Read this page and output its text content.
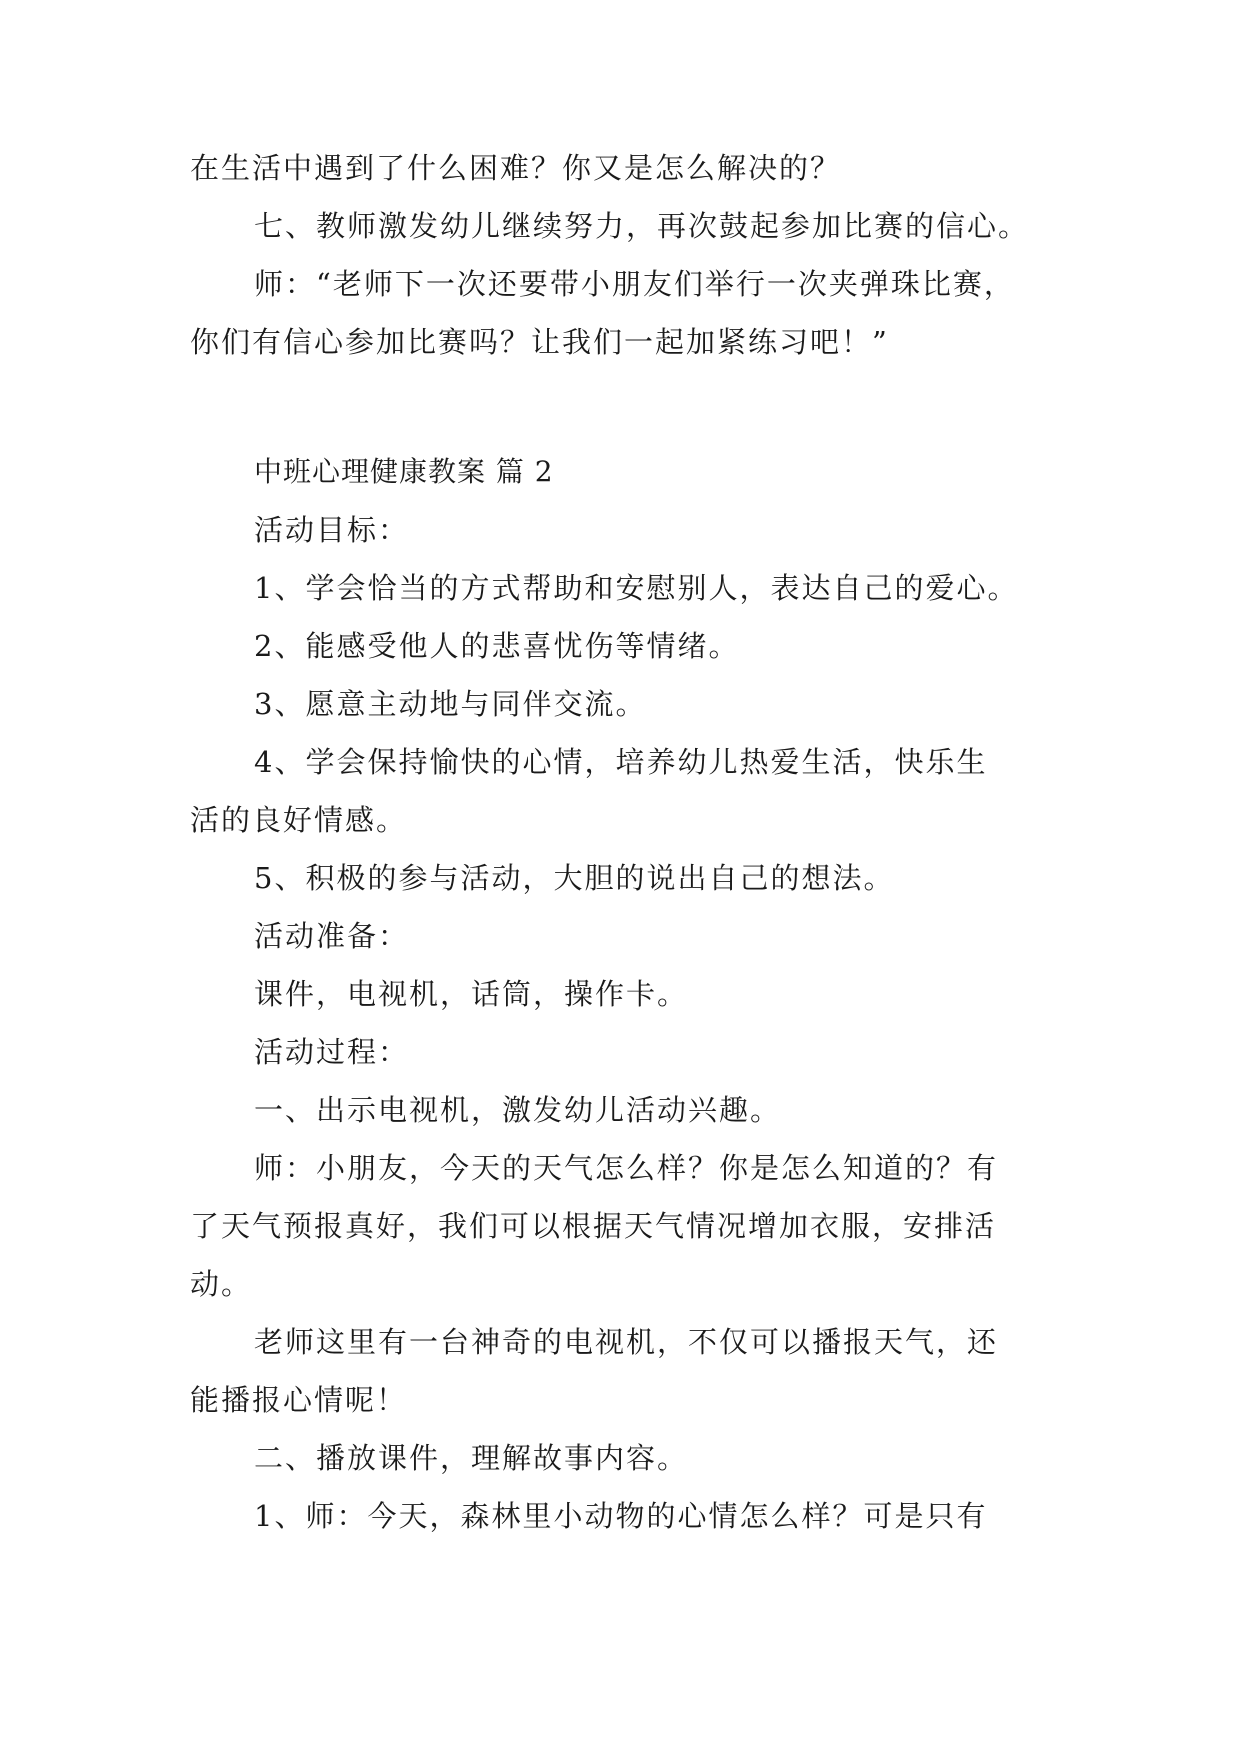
在生活中遇到了什么困难？你又是怎么解决的？
七、教师激发幼儿继续努力，再次鼓起参加比赛的信心。
师：“老师下一次还要带小朋友们举行一次夹弹珠比赛，
你们有信心参加比赛吗？让我们一起加紧练习吧！”
中班心理健康教案 篇 2
活动目标：
1、学会恰当的方式帮助和安慰别人，表达自己的爱心。
2、能感受他人的悲喜忧伤等情绪。
3、愿意主动地与同伴交流。
4、学会保持愉快的心情，培养幼儿热爱生活，快乐生
活的良好情感。
5、积极的参与活动，大胆的说出自己的想法。
活动准备：
课件，电视机，话筒，操作卡。
活动过程：
一、出示电视机，激发幼儿活动兴趣。
师：小朋友，今天的天气怎么样？你是怎么知道的？有
了天气预报真好，我们可以根据天气情况增加衣服，安排活
动。
老师这里有一台神奇的电视机，不仅可以播报天气，还
能播报心情呢！
二、播放课件，理解故事内容。
1、师：今天，森林里小动物的心情怎么样？可是只有
